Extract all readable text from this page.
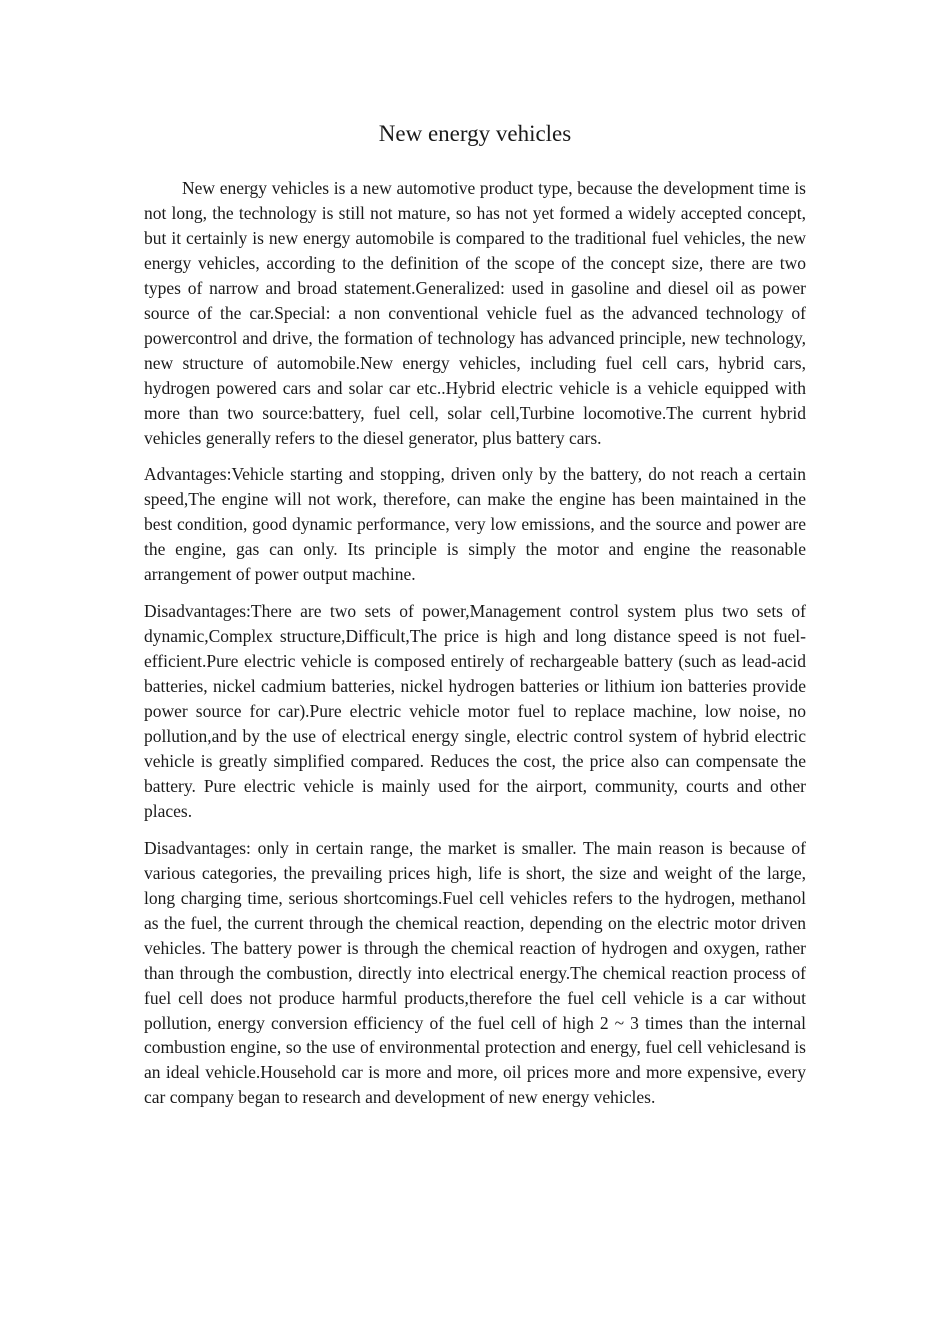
New energy vehicles

New energy vehicles is a new automotive product type, because the development time is not long, the technology is still not mature, so has not yet formed a widely accepted concept, but it certainly is new energy automobile is compared to the traditional fuel vehicles, the new energy vehicles, according to the definition of the scope of the concept size, there are two types of narrow and broad statement.Generalized: used in gasoline and diesel oil as power source of the car.Special: a non conventional vehicle fuel as the advanced technology of powercontrol and drive, the formation of technology has advanced principle, new technology, new structure of automobile.New energy vehicles, including fuel cell cars, hybrid cars, hydrogen powered cars and solar car etc..Hybrid electric vehicle is a vehicle equipped with more than two source:battery, fuel cell, solar cell,Turbine locomotive.The current hybrid vehicles generally refers to the diesel generator, plus battery cars.

Advantages:Vehicle starting and stopping, driven only by the battery, do not reach a certain speed,The engine will not work, therefore, can make the engine has been maintained in the best condition, good dynamic performance, very low emissions, and the source and power are the engine, gas can only. Its principle is simply the motor and engine the reasonable arrangement of power output machine.

Disadvantages:There are two sets of power,Management control system plus two sets of dynamic,Complex structure,Difficult,The price is high and long distance speed is not fuel-efficient.Pure electric vehicle is composed entirely of rechargeable battery (such as lead-acid batteries, nickel cadmium batteries, nickel hydrogen batteries or lithium ion batteries provide power source for car).Pure electric vehicle motor fuel to replace machine, low noise, no pollution,and by the use of electrical energy single, electric control system of hybrid electric vehicle is greatly simplified compared. Reduces the cost, the price also can compensate the battery. Pure electric vehicle is mainly used for the airport, community, courts and other places.

Disadvantages: only in certain range, the market is smaller. The main reason is because of various categories, the prevailing prices high, life is short, the size and weight of the large, long charging time, serious shortcomings.Fuel cell vehicles refers to the hydrogen, methanol as the fuel, the current through the chemical reaction, depending on the electric motor driven vehicles. The battery power is through the chemical reaction of hydrogen and oxygen, rather than through the combustion, directly into electrical energy.The chemical reaction process of fuel cell does not produce harmful products,therefore the fuel cell vehicle is a car without pollution, energy conversion efficiency of the fuel cell of high 2 ~ 3 times than the internal combustion engine, so the use of environmental protection and energy, fuel cell vehiclesand is an ideal vehicle.Household car is more and more, oil prices more and more expensive, every car company began to research and development of new energy vehicles.
